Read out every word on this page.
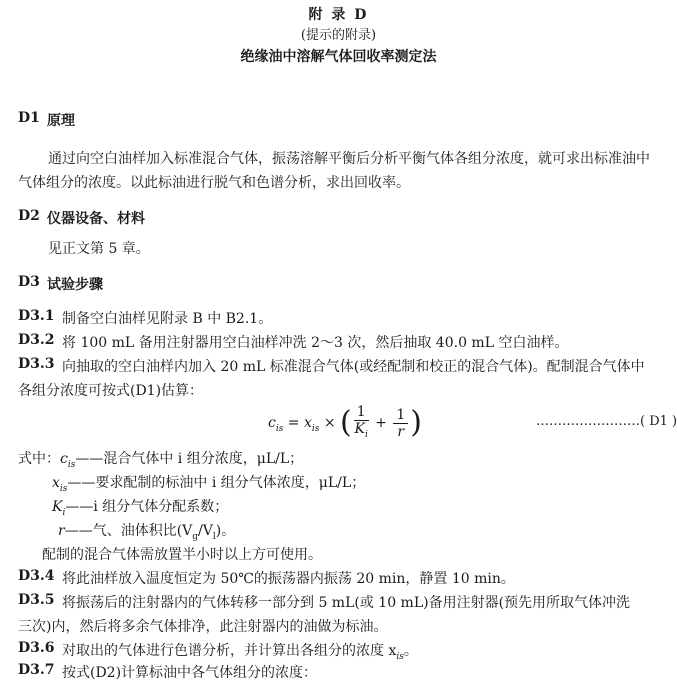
附 录 D
(提示的附录)
绝缘油中溶解气体回收率测定法
D1 原理
通过向空白油样加入标准混合气体，振荡溶解平衡后分析平衡气体各组分浓度，就可求出标准油中
气体组分的浓度。以此标油进行脱气和色谱分析，求出回收率。
D2 仪器设备、材料
见正文第 5 章。
D3 试验步骤
D3.1 制备空白油样见附录 B 中 B2.1。
D3.2 将 100 mL 备用注射器用空白油样冲洗 2～3 次，然后抽取 40.0 mL 空白油样。
D3.3 向抽取的空白油样内加入 20 mL 标准混合气体(或经配制和校正的混合气体)。配制混合气体中
各组分浓度可按式(D1)估算：
$c_{is} = x_{is}$ × ( $\frac{1}{K_i} + \frac{1}{r}$ )	……………………( D1 )
式中：$c_{is}——$混合气体中 i 组分浓度，μL/L；
$x_{is}——$要求配制的标油中 i 组分气体浓度，μL/L；
$K_i——i$ 组分气体分配系数；
r——气、油体积比$(V_g/V_l)$。
配制的混合气体需放置半小时以上方可使用。
D3.4 将此油样放入温度恒定为 50℃的振荡器内振荡 20 min，静置 10 min。
D3.5 将振荡后的注射器内的气体转移一部分到 5 mL(或 10 mL)备用注射器(预先用所取气体冲洗
三次)内，然后将多余气体排净，此注射器内的油做为标油。
D3.6 对取出的气体进行色谱分析，并计算出各组分的浓度 $x_{is}$。
D3.7 按式(D2)计算标油中各气体组分的浓度：
